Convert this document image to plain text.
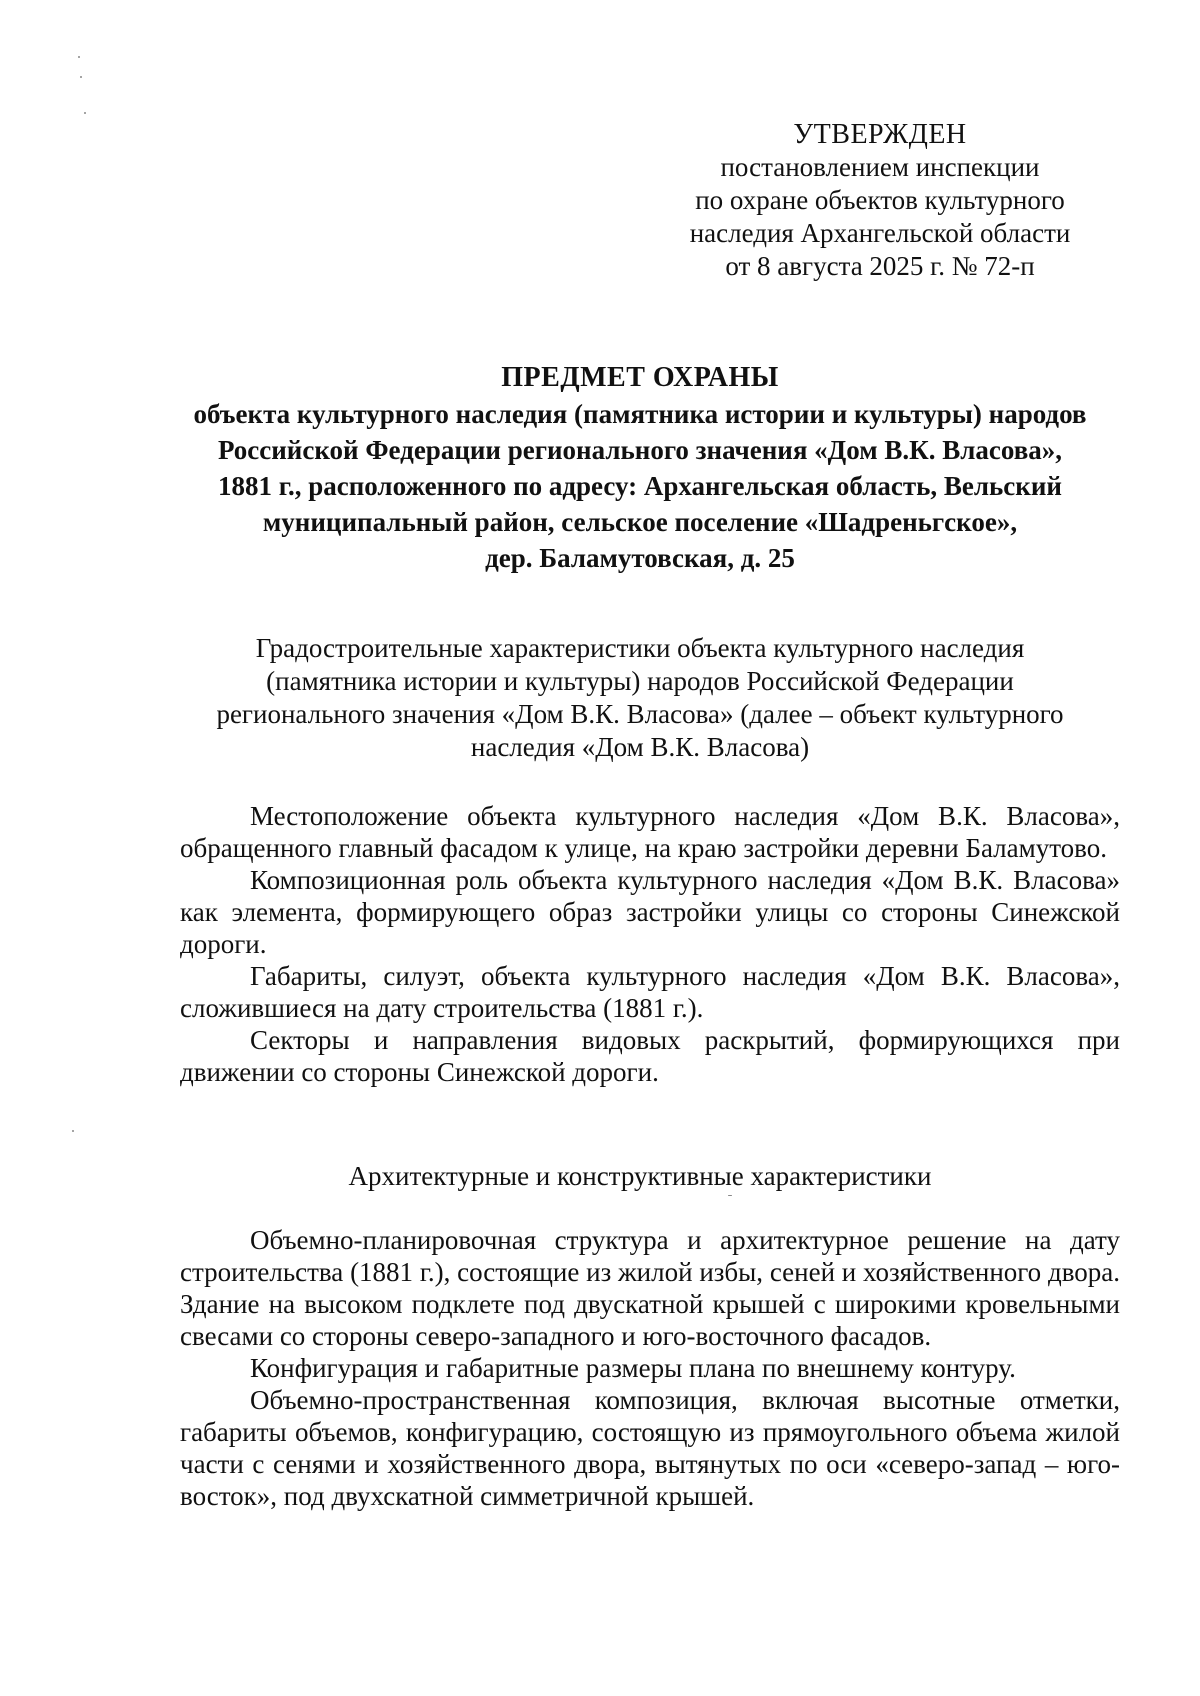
УТВЕРЖДЕН
постановлением инспекции
по охране объектов культурного
наследия Архангельской области
от 8 августа 2025 г. № 72-п
ПРЕДМЕТ ОХРАНЫ
объекта культурного наследия (памятника истории и культуры) народов
Российской Федерации регионального значения «Дом В.К. Власова»,
1881 г., расположенного по адресу: Архангельская область, Вельский
муниципальный район, сельское поселение «Шадреньгское»,
дер. Баламутовская, д. 25
Градостроительные характеристики объекта культурного наследия
(памятника истории и культуры) народов Российской Федерации
регионального значения «Дом В.К. Власова» (далее – объект культурного
наследия «Дом В.К. Власова)

Местоположение объекта культурного наследия «Дом В.К. Власова», обращенного главный фасадом к улице, на краю застройки деревни Баламутово.

Композиционная роль объекта культурного наследия «Дом В.К. Власова» как элемента, формирующего образ застройки улицы со стороны Синежской дороги.

Габариты, силуэт, объекта культурного наследия «Дом В.К. Власова», сложившиеся на дату строительства (1881 г.).

Секторы и направления видовых раскрытий, формирующихся при движении со стороны Синежской дороги.

Архитектурные и конструктивные характеристики

Объемно-планировочная структура и архитектурное решение на дату строительства (1881 г.), состоящие из жилой избы, сеней и хозяйственного двора. Здание на высоком подклете под двускатной крышей с широкими кровельными свесами со стороны северо-западного и юго-восточного фасадов.

Конфигурация и габаритные размеры плана по внешнему контуру.

Объемно-пространственная композиция, включая высотные отметки, габариты объемов, конфигурацию, состоящую из прямоугольного объема жилой части с сенями и хозяйственного двора, вытянутых по оси «северо-запад – юго-восток», под двухскатной симметричной крышей.
